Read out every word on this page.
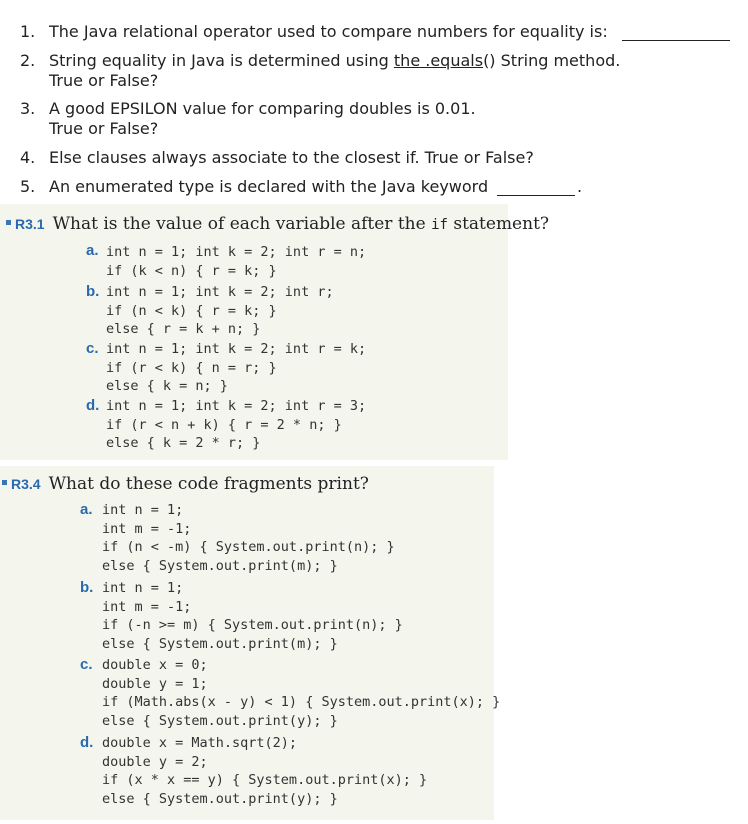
1. The Java relational operator used to compare numbers for equality is:
2. String equality in Java is determined using the .equals() String method.
True or False?
3. A good EPSILON value for comparing doubles is 0.01.
True or False?
4. Else clauses always associate to the closest if. True or False?
5. An enumerated type is declared with the Java keyword	.
R3.1 What is the value of each variable after the if statement?
a. int n = 1; int k = 2; int r = n;
if (k < n) { r = k; }
b. int n = 1; int k = 2; int r;
if (n < k) { r = k; }
else { r = k + n; }
c. int n = 1; int k = 2; int r = k;
if (r < k) { n = r; }
else { k = n; }
d. int n = 1; int k = 2; int r = 3;
if (r < n + k) { r = 2 * n; }
else { k = 2 * r; }
R3.4 What do these code fragments print?
a. int n = 1;
int m = -1;
if (n < -m) { System.out.print(n); }
else { System.out.print(m); }
b. int n = 1;
int m = -1;
if (-n >= m) { System.out.print(n); }
else { System.out.print(m); }
c. double x = 0;
double y = 1;
if (Math.abs(x - y) < 1) { System.out.print(x); }
else { System.out.print(y); }
d. double x = Math.sqrt(2);
double y = 2;
if (x * x == y) { System.out.print(x); }
else { System.out.print(y); }
